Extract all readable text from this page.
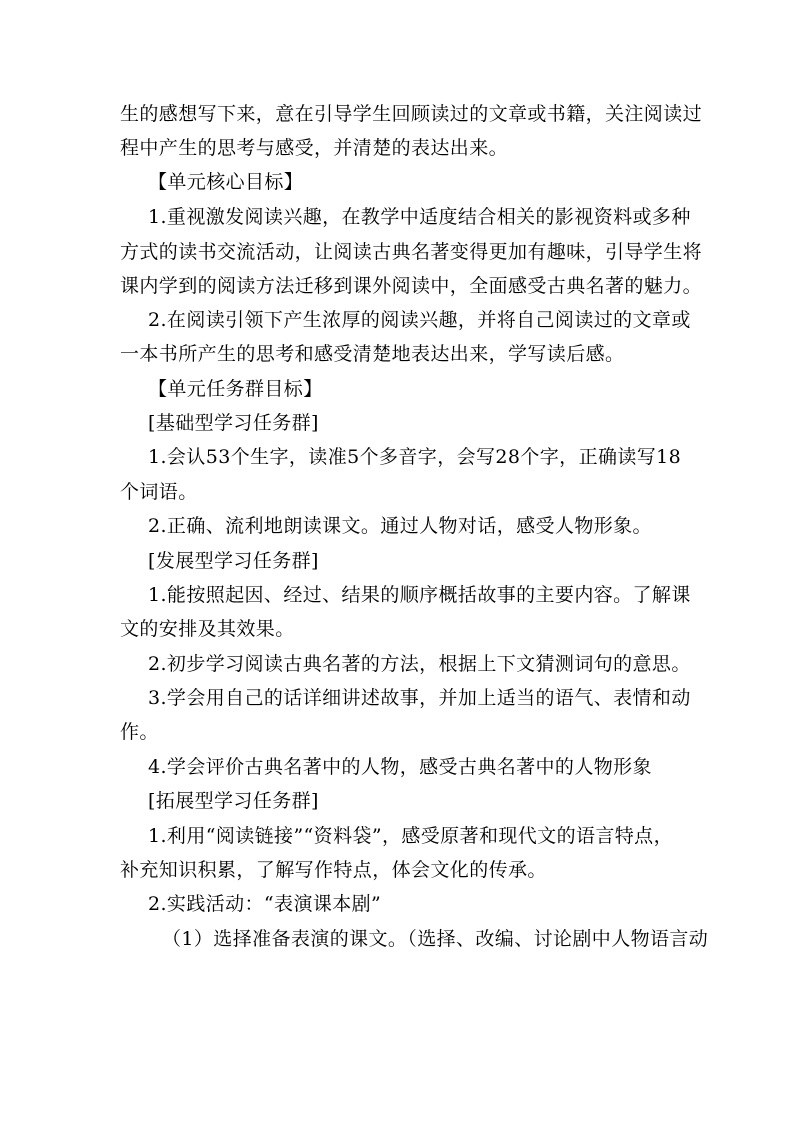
生的感想写下来，意在引导学生回顾读过的文章或书籍，关注阅读过
程中产生的思考与感受，并清楚的表达出来。
【单元核心目标】
1.重视激发阅读兴趣，在教学中适度结合相关的影视资料或多种
方式的读书交流活动，让阅读古典名著变得更加有趣味，引导学生将
课内学到的阅读方法迁移到课外阅读中，全面感受古典名著的魅力。
2.在阅读引领下产生浓厚的阅读兴趣，并将自己阅读过的文章或
一本书所产生的思考和感受清楚地表达出来，学写读后感。
【单元任务群目标】
[基础型学习任务群]
1.会认53个生字，读准5个多音字，会写28个字，正确读写18
个词语。
2.正确、流利地朗读课文。通过人物对话，感受人物形象。
[发展型学习任务群]
1.能按照起因、经过、结果的顺序概括故事的主要内容。了解课
文的安排及其效果。
2.初步学习阅读古典名著的方法，根据上下文猜测词句的意思。
3.学会用自己的话详细讲述故事，并加上适当的语气、表情和动
作。
4.学会评价古典名著中的人物，感受古典名著中的人物形象
[拓展型学习任务群]
1.利用“阅读链接”“资料袋”，感受原著和现代文的语言特点，
补充知识积累，了解写作特点，体会文化的传承。
2.实践活动：“表演课本剧”
（1）选择准备表演的课文。（选择、改编、讨论剧中人物语言动
